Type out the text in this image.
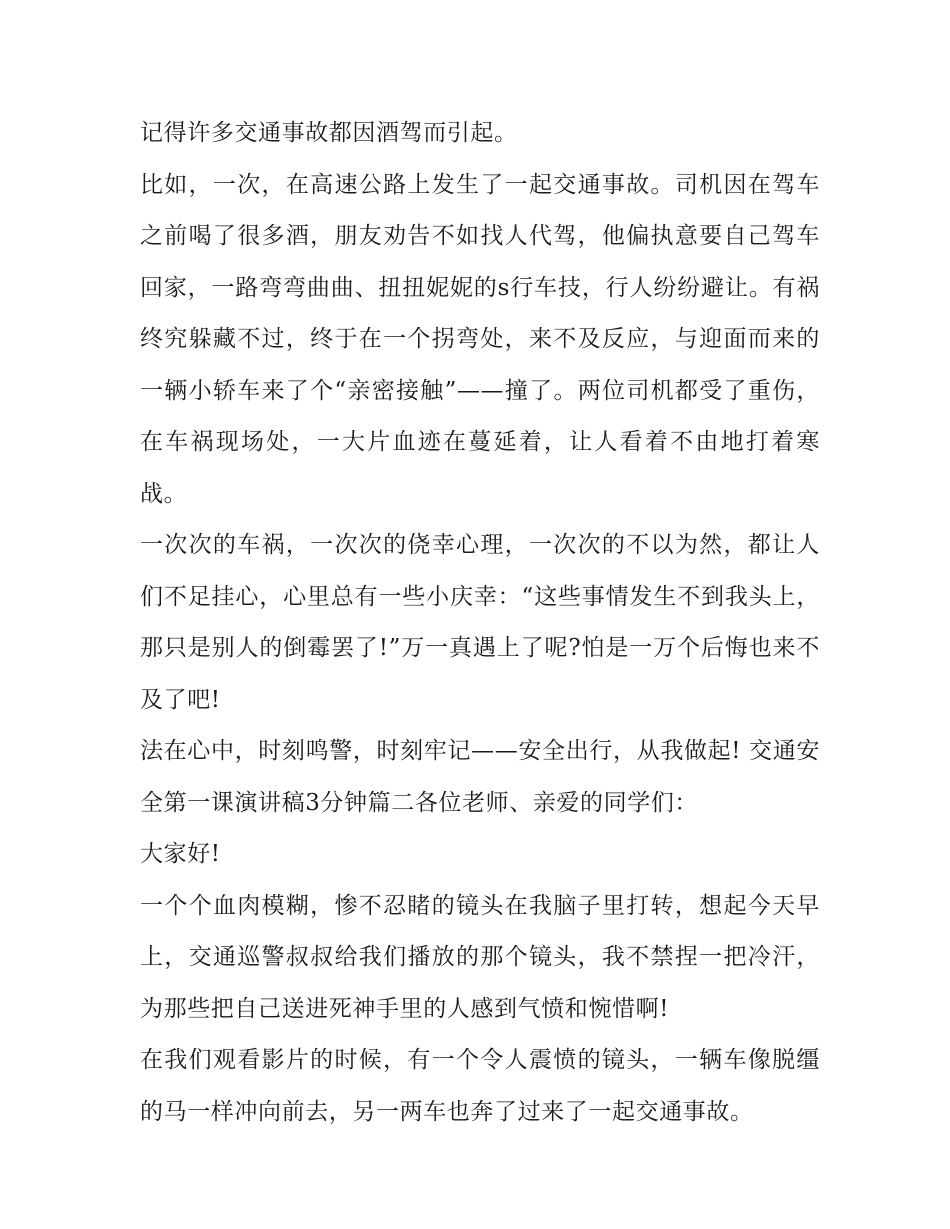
记得许多交通事故都因酒驾而引起。

比如，一次，在高速公路上发生了一起交通事故。司机因在驾车之前喝了很多酒，朋友劝告不如找人代驾，他偏执意要自己驾车回家，一路弯弯曲曲、扭扭妮妮的s行车技，行人纷纷避让。有祸终究躲藏不过，终于在一个拐弯处，来不及反应，与迎面而来的一辆小轿车来了个“亲密接触”——撞了。两位司机都受了重伤，在车祸现场处，一大片血迹在蔓延着，让人看着不由地打着寒战。

一次次的车祸，一次次的侥幸心理，一次次的不以为然，都让人们不足挂心，心里总有一些小庆幸：“这些事情发生不到我头上，那只是别人的倒霉罢了!”万一真遇上了呢?怕是一万个后悔也来不及了吧!

法在心中，时刻鸣警，时刻牢记——安全出行，从我做起! 交通安全第一课演讲稿3分钟篇二各位老师、亲爱的同学们：

大家好!

一个个血肉模糊，惨不忍睹的镜头在我脑子里打转，想起今天早上，交通巡警叔叔给我们播放的那个镜头，我不禁捏一把冷汗，为那些把自己送进死神手里的人感到气愤和惋惜啊!

在我们观看影片的时候，有一个令人震愤的镜头，一辆车像脱缰的马一样冲向前去，另一两车也奔了过来了一起交通事故。
